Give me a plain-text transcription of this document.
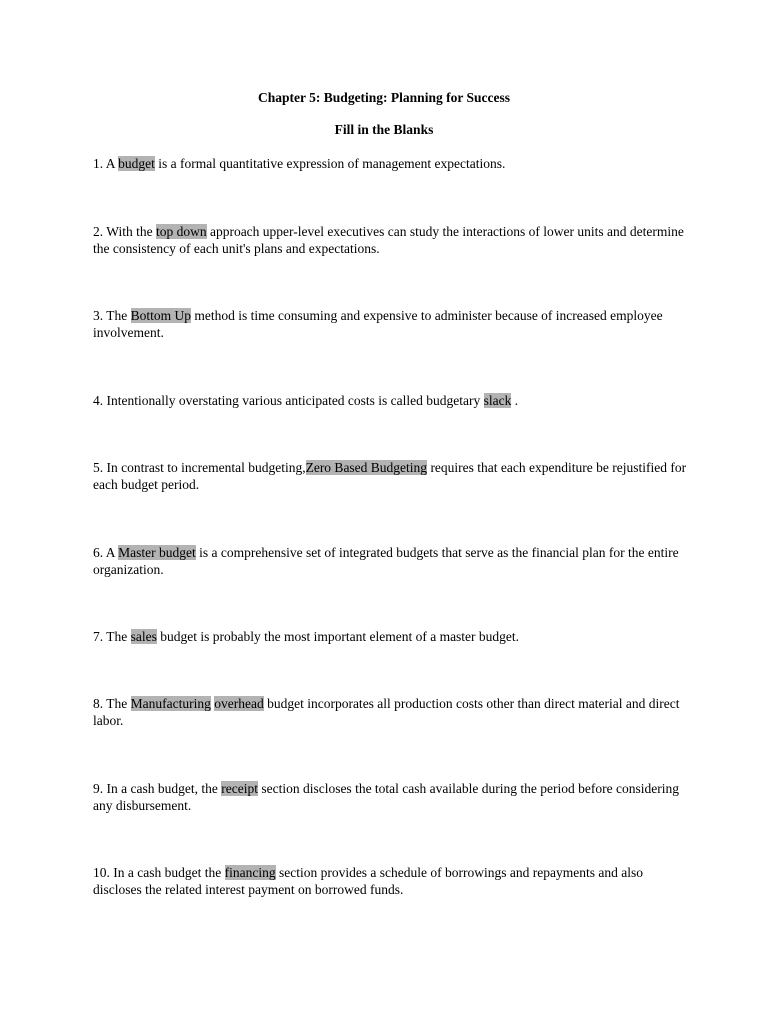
Chapter 5: Budgeting: Planning for Success
Fill in the Blanks

1. A budget is a formal quantitative expression of management expectations.

2. With the top down approach upper-level executives can study the interactions of lower units and determine the consistency of each unit's plans and expectations.

3. The Bottom Up method is time consuming and expensive to administer because of increased employee involvement.

4. Intentionally overstating various anticipated costs is called budgetary slack .

5. In contrast to incremental budgeting,Zero Based Budgeting requires that each expenditure be rejustified for each budget period.

6. A Master budget is a comprehensive set of integrated budgets that serve as the financial plan for the entire organization.

7. The sales budget is probably the most important element of a master budget.

8. The Manufacturing overhead budget incorporates all production costs other than direct material and direct labor.

9. In a cash budget, the receipt section discloses the total cash available during the period before considering any disbursement.

10. In a cash budget the financing section provides a schedule of borrowings and repayments and also discloses the related interest payment on borrowed funds.
